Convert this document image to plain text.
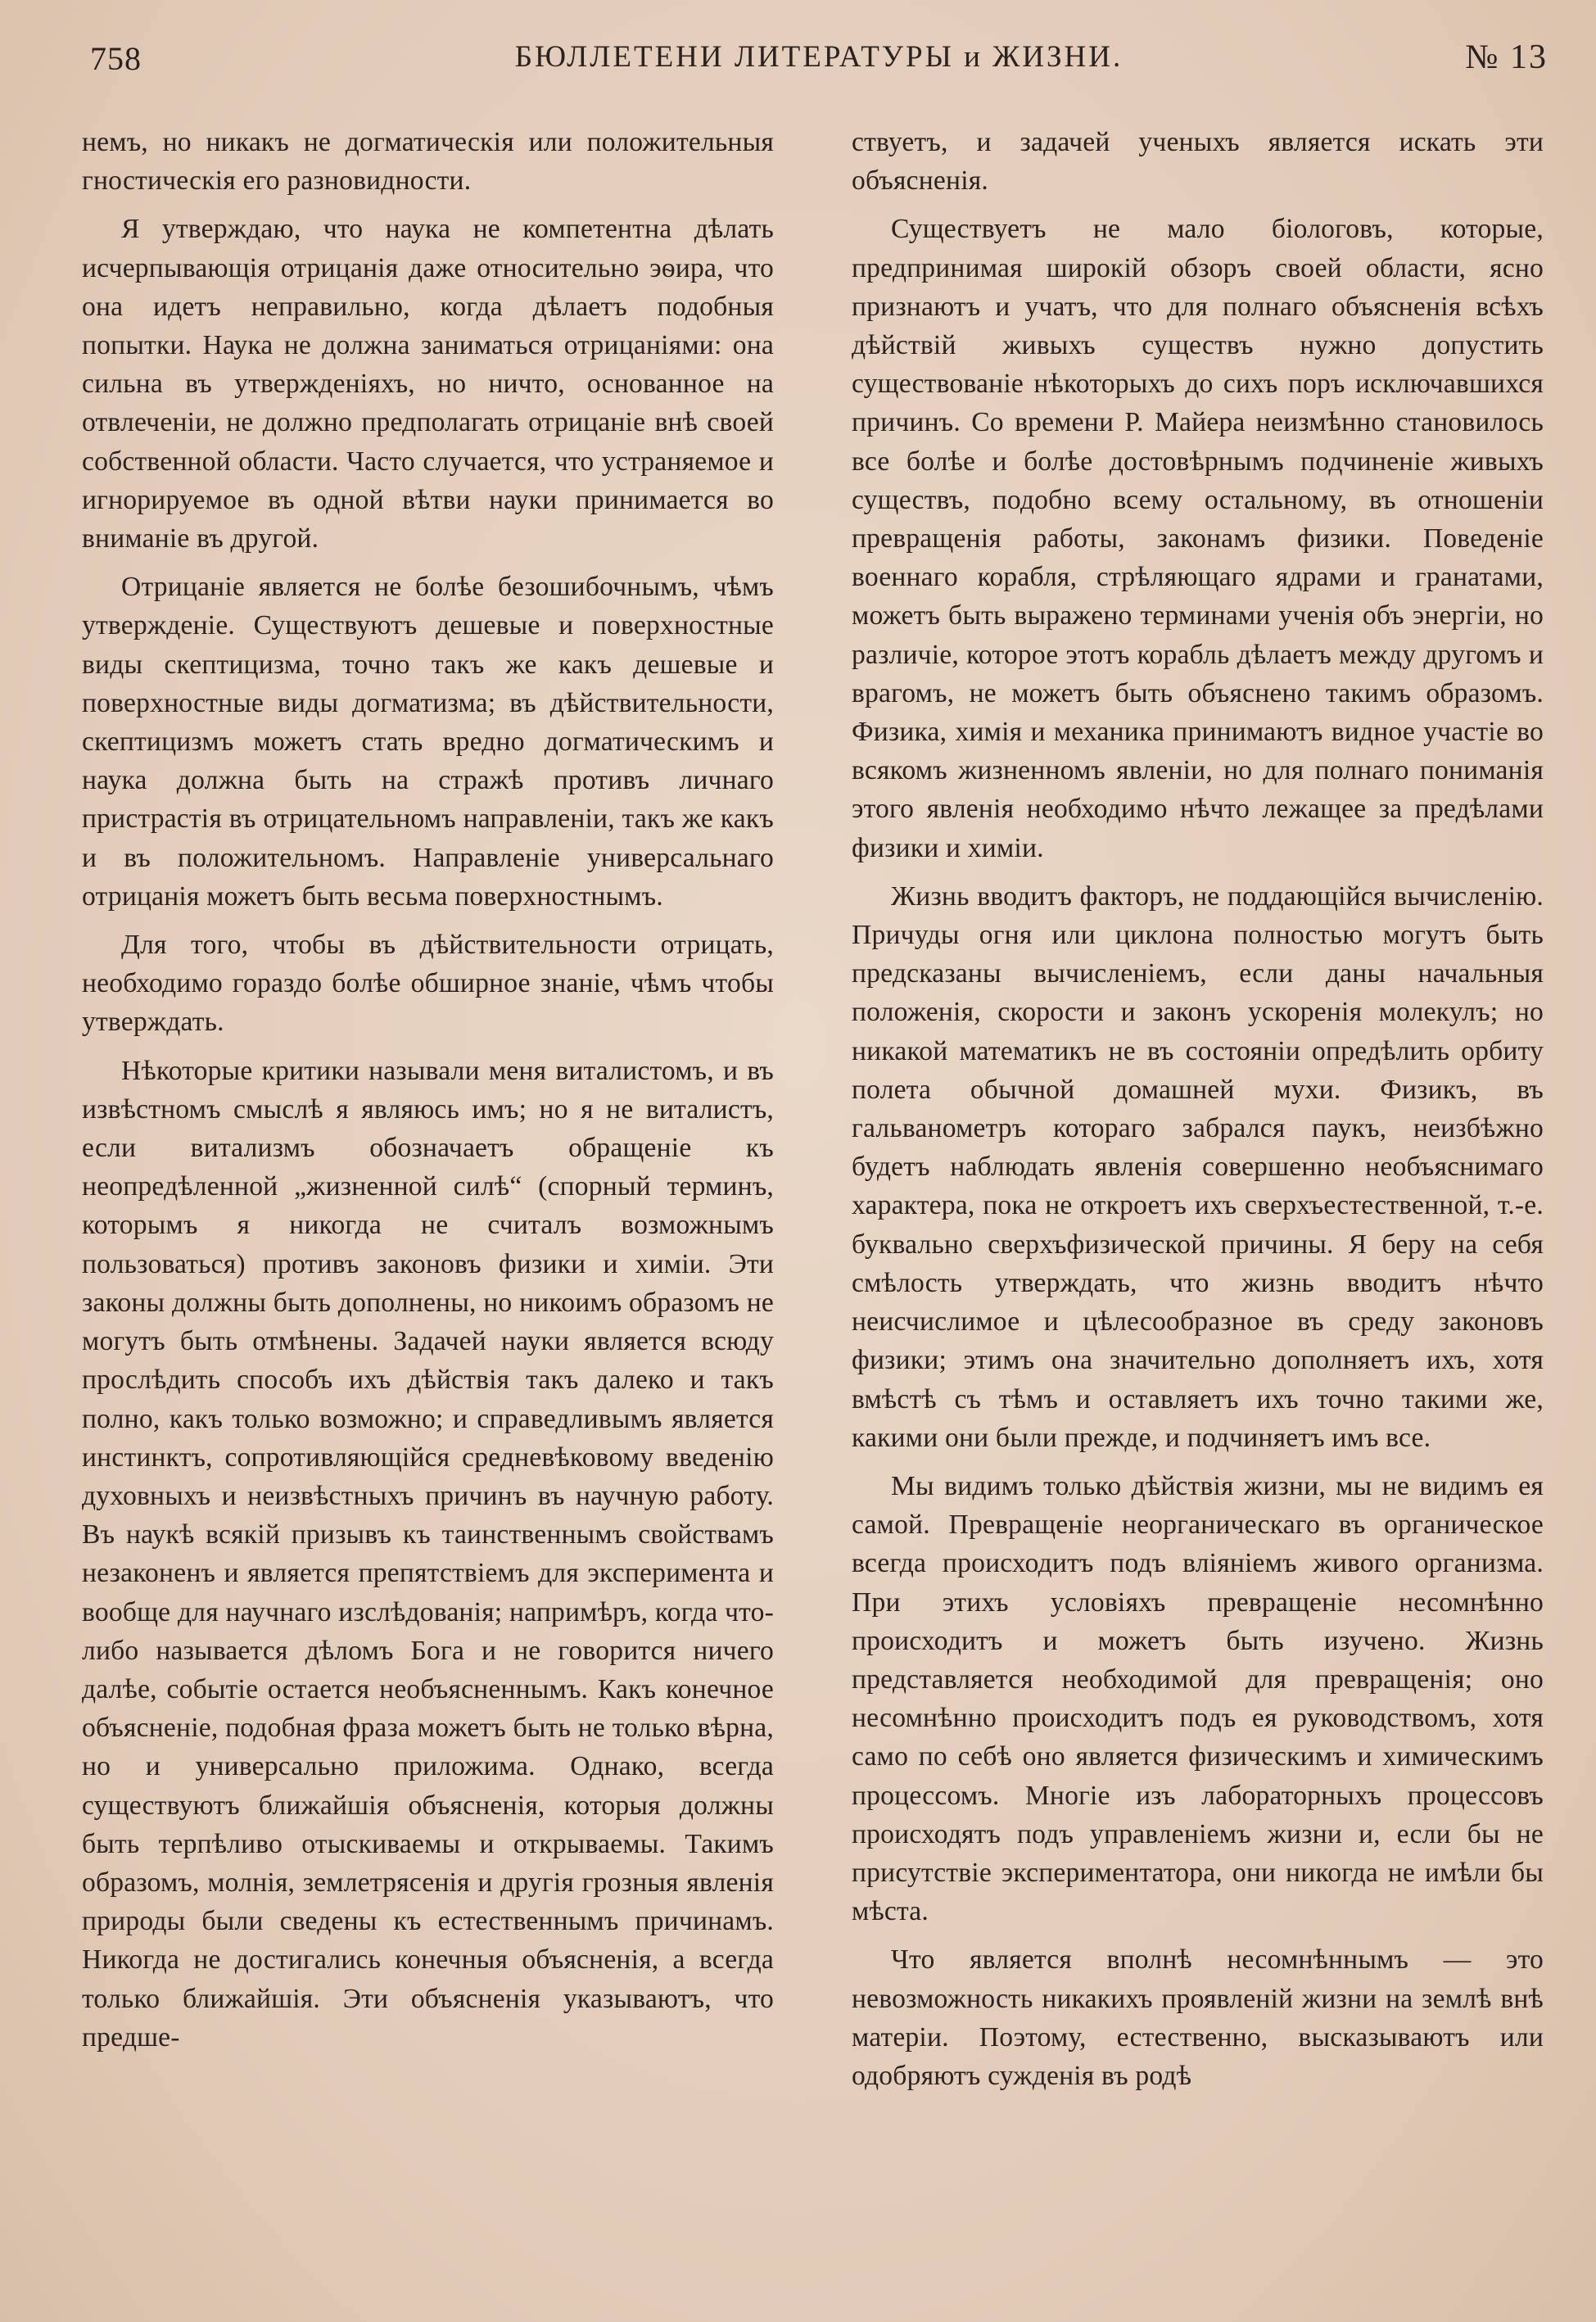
758	БЮЛЛЕТЕНИ ЛИТЕРАТУРЫ и ЖИЗНИ.	№ 13

немъ, но никакъ не догматическія или положительныя гностическія его разновидности.

Я утверждаю, что наука не компетентна дѣлать исчерпывающія отрицанія даже относительно эѳира, что она идетъ неправильно, когда дѣлаетъ подобныя попытки. Наука не должна заниматься отрицаніями: она сильна въ утвержденіяхъ, но ничто, основанное на отвлеченіи, не должно предполагать отрицаніе внѣ своей собственной области. Часто случается, что устраняемое и игнорируемое въ одной вѣтви науки принимается во вниманіе въ другой.

Отрицаніе является не болѣе безошибочнымъ, чѣмъ утвержденіе. Существуютъ дешевые и поверхностные виды скептицизма, точно такъ же какъ дешевые и поверхностные виды догматизма; въ дѣйствительности, скептицизмъ можетъ стать вредно догматическимъ и наука должна быть на стражѣ противъ личнаго пристрастія въ отрицательномъ направленіи, такъ же какъ и въ положительномъ. Направленіе универсальнаго отрицанія можетъ быть весьма поверхностнымъ.

Для того, чтобы въ дѣйствительности отрицать, необходимо гораздо болѣе обширное знаніе, чѣмъ чтобы утверждать.

Нѣкоторые критики называли меня виталистомъ, и въ извѣстномъ смыслѣ я являюсь имъ; но я не виталистъ, если витализмъ обозначаетъ обращеніе къ неопредѣленной „жизненной силѣ“ (спорный терминъ, которымъ я никогда не считалъ возможнымъ пользоваться) противъ законовъ физики и химіи. Эти законы должны быть дополнены, но никоимъ образомъ не могутъ быть отмѣнены. Задачей науки является всюду прослѣдить способъ ихъ дѣйствія такъ далеко и такъ полно, какъ только возможно; и справедливымъ является инстинктъ, сопротивляющійся средневѣковому введенію духовныхъ и неизвѣстныхъ причинъ въ научную работу. Въ наукѣ всякій призывъ къ таинственнымъ свойствамъ незаконенъ и является препятствіемъ для эксперимента и вообще для научнаго изслѣдованія; напримѣръ, когда что-либо называется дѣломъ Бога и не говорится ничего далѣе, событіе остается необъясненнымъ. Какъ конечное объясненіе, подобная фраза можетъ быть не только вѣрна, но и универсально приложима. Однако, всегда существуютъ ближайшія объясненія, которыя должны быть терпѣливо отыскиваемы и открываемы. Такимъ образомъ, молнія, землетрясенія и другія грозныя явленія природы были сведены къ естественнымъ причинамъ. Никогда не достигались конечныя объясненія, а всегда только ближайшія. Эти объясненія указываютъ, что предше-

ствуетъ, и задачей ученыхъ является искать эти объясненія.

Существуетъ не мало біологовъ, которые, предпринимая широкій обзоръ своей области, ясно признаютъ и учатъ, что для полнаго объясненія всѣхъ дѣйствій живыхъ существъ нужно допустить существованіе нѣкоторыхъ до сихъ поръ исключавшихся причинъ. Со времени Р. Майера неизмѣнно становилось все болѣе и болѣе достовѣрнымъ подчиненіе живыхъ существъ, подобно всему остальному, въ отношеніи превращенія работы, законамъ физики. Поведеніе военнаго корабля, стрѣляющаго ядрами и гранатами, можетъ быть выражено терминами ученія объ энергіи, но различіе, которое этотъ корабль дѣлаетъ между другомъ и врагомъ, не можетъ быть объяснено такимъ образомъ. Физика, химія и механика принимаютъ видное участіе во всякомъ жизненномъ явленіи, но для полнаго пониманія этого явленія необходимо нѣчто лежащее за предѣлами физики и химіи.

Жизнь вводитъ факторъ, не поддающійся вычисленію. Причуды огня или циклона полностью могутъ быть предсказаны вычисленіемъ, если даны начальныя положенія, скорости и законъ ускоренія молекулъ; но никакой математикъ не въ состояніи опредѣлить орбиту полета обычной домашней мухи. Физикъ, въ гальванометръ котораго забрался паукъ, неизбѣжно будетъ наблюдать явленія совершенно необъяснимаго характера, пока не откроетъ ихъ сверхъестественной, т.-е. буквально сверхъфизической причины. Я беру на себя смѣлость утверждать, что жизнь вводитъ нѣчто неисчислимое и цѣлесообразное въ среду законовъ физики; этимъ она значительно дополняетъ ихъ, хотя вмѣстѣ съ тѣмъ и оставляетъ ихъ точно такими же, какими они были прежде, и подчиняетъ имъ все.

Мы видимъ только дѣйствія жизни, мы не видимъ ея самой. Превращеніе неорганическаго въ органическое всегда происходитъ подъ вліяніемъ живого организма. При этихъ условіяхъ превращеніе несомнѣнно происходитъ и можетъ быть изучено. Жизнь представляется необходимой для превращенія; оно несомнѣнно происходитъ подъ ея руководствомъ, хотя само по себѣ оно является физическимъ и химическимъ процессомъ. Многіе изъ лабораторныхъ процессовъ происходятъ подъ управленіемъ жизни и, если бы не присутствіе экспериментатора, они никогда не имѣли бы мѣста.

Что является вполнѣ несомнѣннымъ — это невозможность никакихъ проявленій жизни на землѣ внѣ матеріи. Поэтому, естественно, высказываютъ или одобряютъ сужденія въ родѣ
